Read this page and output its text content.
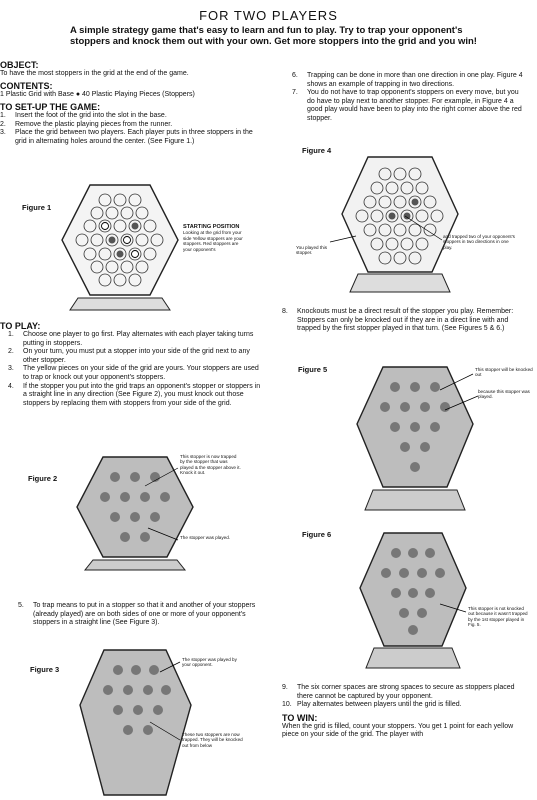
FOR TWO PLAYERS
A simple strategy game that's easy to learn and fun to play. Try to trap your opponent's stoppers and knock them out with your own. Get more stoppers into the grid and you win!
OBJECT:
To have the most stoppers in the grid at the end of the game.
CONTENTS:
1 Plastic Grid with Base ● 40 Plastic Playing Pieces (Stoppers)
TO SET-UP THE GAME:
1.	Insert the foot of the grid into the slot in the base.
2.	Remove the plastic playing pieces from the runner.
3.	Place the grid between two players. Each player puts in three stoppers in the grid in alternating holes around the center. (See Figure 1.)
Figure 1
STARTING POSITION
Looking at the grid from your side Yellow stoppers are your stoppers. Red stoppers are your opponent's
TO PLAY:
1.	Choose one player to go first. Play alternates with each player taking turns putting in stoppers.
2.	On your turn, you must put a stopper into your side of the grid next to any other stopper.
3.	The yellow pieces on your side of the grid are yours. Your stoppers are used to trap or knock out your opponent's stoppers.
4.	If the stopper you put into the grid traps an opponent's stopper or stoppers in a straight line in any direction (See Figure 2), you must knock out those stoppers by replacing them with stoppers from your side of the grid.
Figure 2
This stopper is now trapped by the stopper that was played & the stopper above it. Knock it out.
The stopper was played.
5.	To trap means to put in a stopper so that it and another of your stoppers (already played) are on both sides of one or more of your opponent's stoppers in a straight line (See Figure 3).
Figure 3
The stopper was played by your opponent.
These two stoppers are now trapped. They will be knocked out from below
6.	Trapping can be done in more than one direction in one play. Figure 4 shows an example of trapping in two directions.
7.	You do not have to trap opponent's stoppers on every move, but you do have to play next to another stopper. For example, in Figure 4 a good play would have been to play into the right corner above the red stopper.
Figure 4
You played this stopper.
and trapped two of your opponent's stoppers in two directions in one play.
8.	Knockouts must be a direct result of the stopper you play. Remember: Stoppers can only be knocked out if they are in a direct line with and trapped by the first stopper played in that turn. (See Figures 5 & 6.)
Figure 5	This stopper will be knocked out
because this stopper was played.
Figure 6
This stopper is not knocked out because it wasn't trapped by the 1st stopper played in Fig. 5.
9.	The six corner spaces are strong spaces to secure as stoppers placed there cannot be captured by your opponent.
10. Play alternates between players until the grid is filled.
TO WIN:
When the grid is filled, count your stoppers. You get 1 point for each yellow piece on your side of the grid. The player with
